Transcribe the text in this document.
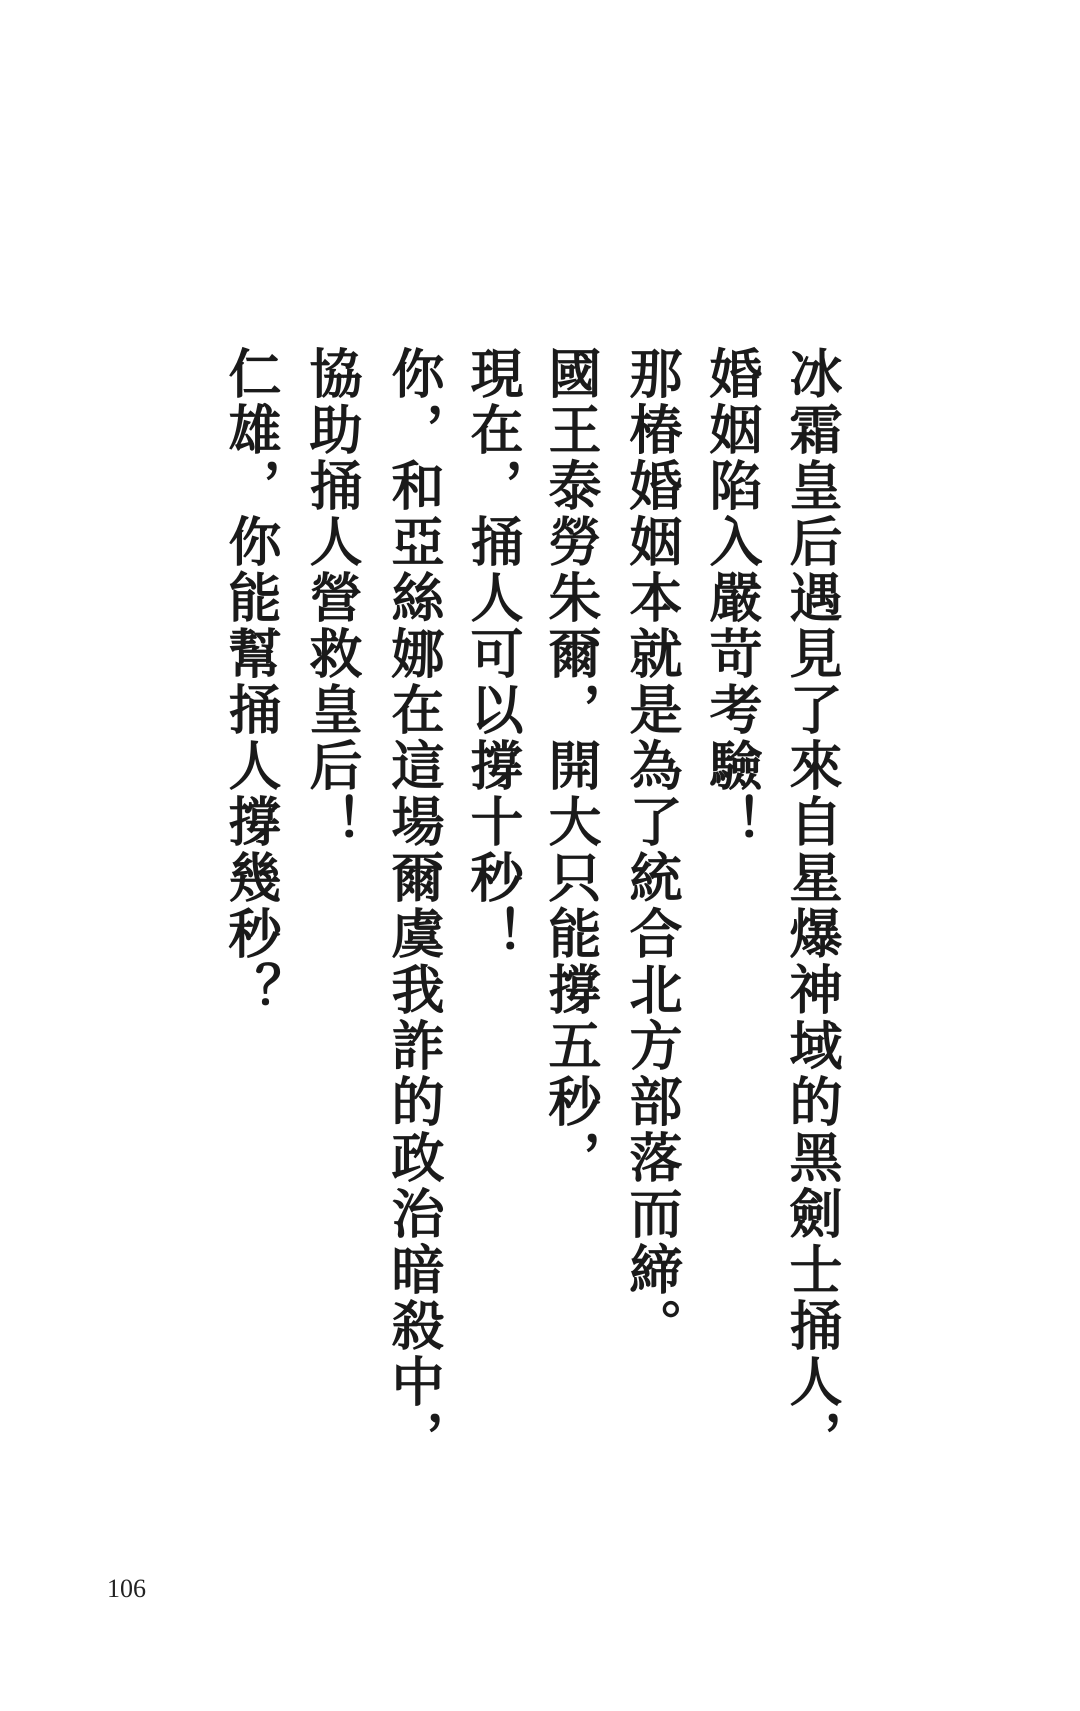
冰霜皇后遇見了來自星爆神域的黑劍士捅人，
婚姻陷入嚴苛考驗！
那椿婚姻本就是為了統合北方部落而締。
國王泰勞朱爾，開大只能撐五秒，
現在，捅人可以撐十秒！
你，和亞絲娜在這場爾虞我詐的政治暗殺中，
協助捅人營救皇后！
仁雄，你能幫捅人撐幾秒？
106
